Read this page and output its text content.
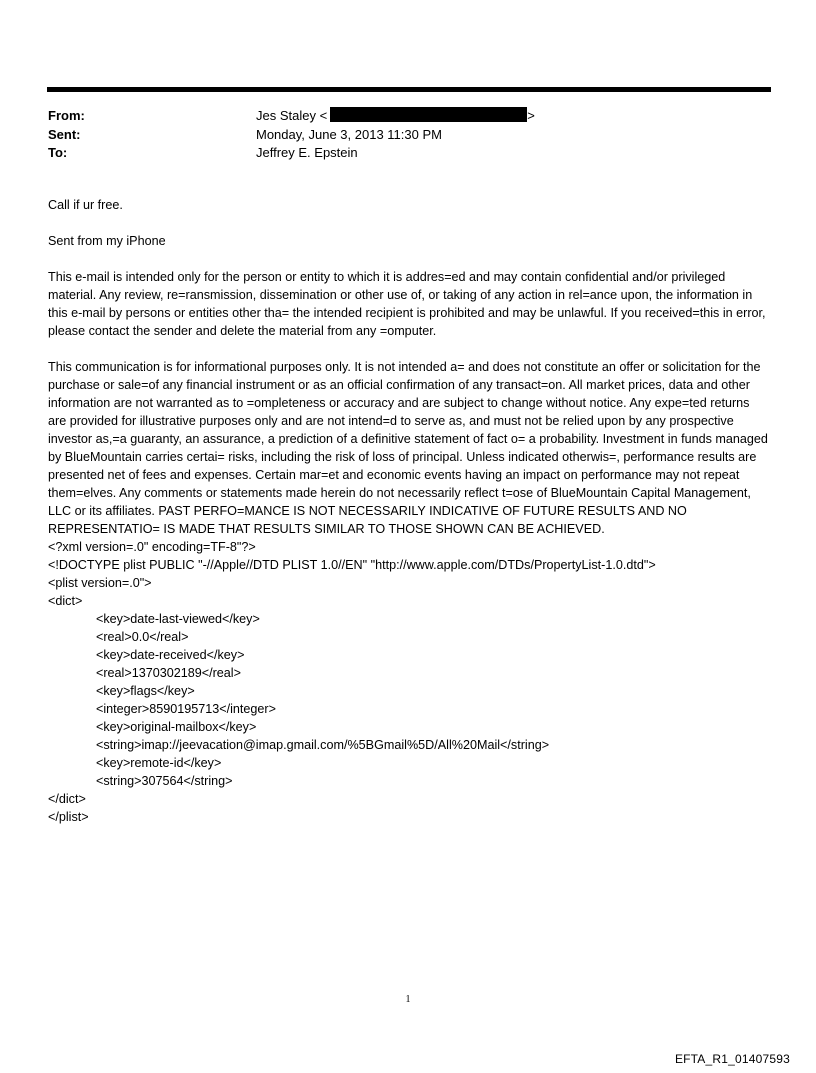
From:	Jes Staley <	>
Sent:	Monday, June 3, 2013 11:30 PM
To:	Jeffrey E. Epstein

Call if ur free.

Sent from my iPhone

This e-mail is intended only for the person or entity to which it is addres=ed and may contain confidential and/or privileged material. Any review, re=ransmission, dissemination or other use of, or taking of any action in rel=ance upon, the information in this e-mail by persons or entities other tha= the intended recipient is prohibited and may be unlawful. If you received=this in error, please contact the sender and delete the material from any =omputer.

This communication is for informational purposes only. It is not intended a= and does not constitute an offer or solicitation for the purchase or sale=of any financial instrument or as an official confirmation of any transact=on. All market prices, data and other information are not warranted as to =ompleteness or accuracy and are subject to change without notice. Any expe=ted returns are provided for illustrative purposes only and are not intend=d to serve as, and must not be relied upon by any prospective investor as,=a guaranty, an assurance, a prediction of a definitive statement of fact o= a probability. Investment in funds managed by BlueMountain carries certai= risks, including the risk of loss of principal. Unless indicated otherwis=, performance results are presented net of fees and expenses. Certain mar=et and economic events having an impact on performance may not repeat them=elves. Any comments or statements made herein do not necessarily reflect t=ose of BlueMountain Capital Management, LLC or its affiliates. PAST PERFO=MANCE IS NOT NECESSARILY INDICATIVE OF FUTURE RESULTS AND NO REPRESENTATIO= IS MADE THAT RESULTS SIMILAR TO THOSE SHOWN CAN BE ACHIEVED.

<?xml version=.0" encoding=TF-8"?>
<!DOCTYPE plist PUBLIC "-//Apple//DTD PLIST 1.0//EN" "http://www.apple.com/DTDs/PropertyList-1.0.dtd">
<plist version=.0">
<dict>
<key>date-last-viewed</key>
<real>0.0</real>
<key>date-received</key>
<real>1370302189</real>
<key>flags</key>
<integer>8590195713</integer>
<key>original-mailbox</key>
<string>imap://jeevacation@imap.gmail.com/%5BGmail%5D/All%20Mail</string>
<key>remote-id</key>
<string>307564</string>
</dict>
</plist>
1
EFTA_R1_01407593
